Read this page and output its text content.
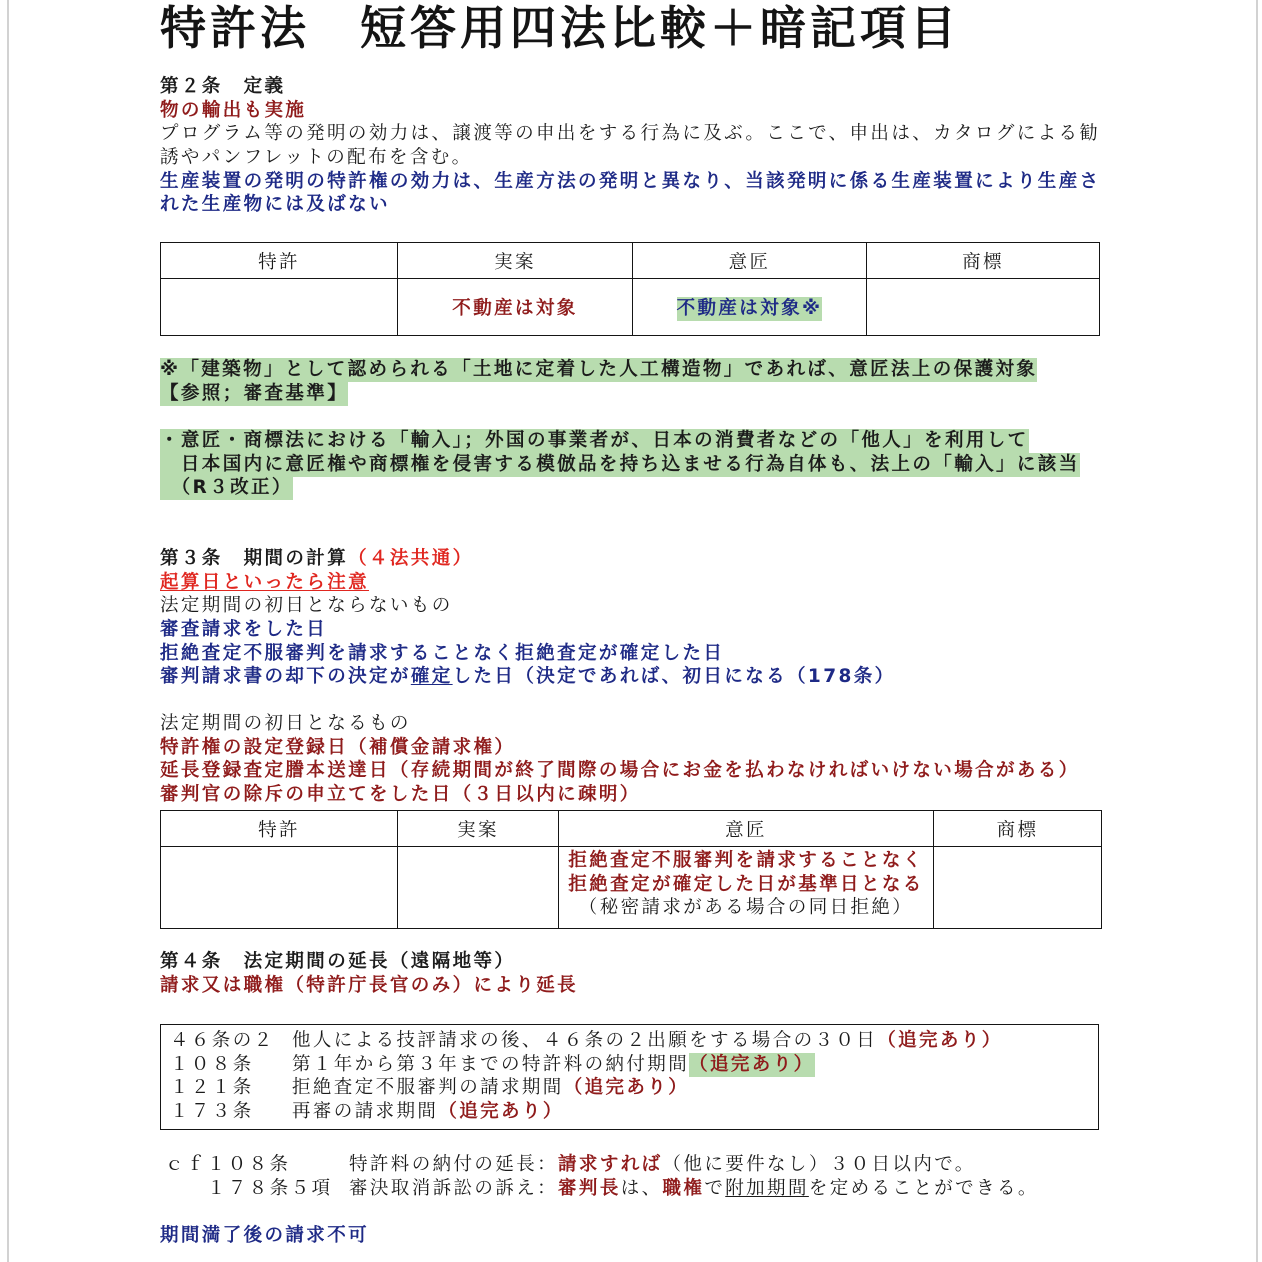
特許法　短答用四法比較＋暗記項目
第２条　定義
物の輸出も実施
プログラム等の発明の効力は、譲渡等の申出をする行為に及ぶ。ここで、申出は、カタログによる勧
誘やパンフレットの配布を含む。
生産装置の発明の特許権の効力は、生産方法の発明と異なり、当該発明に係る生産装置により生産さ
れた生産物には及ばない
特許	実案	意匠	商標
	不動産は対象	不動産は対象※	
※「建築物」として認められる「土地に定着した人工構造物」であれば、意匠法上の保護対象
【参照；審査基準】
・意匠・商標法における「輸入」；外国の事業者が、日本の消費者などの「他人」を利用して
　日本国内に意匠権や商標権を侵害する模倣品を持ち込ませる行為自体も、法上の「輸入」に該当
　（R３改正）
第３条　期間の計算（４法共通）
起算日といったら注意
法定期間の初日とならないもの
審査請求をした日
拒絶査定不服審判を請求することなく拒絶査定が確定した日
審判請求書の却下の決定が確定した日（決定であれば、初日になる（178条）
法定期間の初日となるもの
特許権の設定登録日（補償金請求権）
延長登録査定謄本送達日（存続期間が終了間際の場合にお金を払わなければいけない場合がある）
審判官の除斥の申立てをした日（３日以内に疎明）
特許	実案	意匠	商標

		拒絶査定不服審判を請求することなく
拒絶査定が確定した日が基準日となる
（秘密請求がある場合の同日拒絶）	

第４条　法定期間の延長（遠隔地等）
請求又は職権（特許庁長官のみ）により延長
４６条の２ 他人による技評請求の後、４６条の２出願をする場合の３０日（追完あり）
１０８条	第１年から第３年までの特許料の納付期間（追完あり）
１２１条	拒絶査定不服審判の請求期間（追完あり）
１７３条	再審の請求期間（追完あり）
ｃｆ１０８条	特許料の納付の延長：請求すれば（他に要件なし）３０日以内で。
１７８条５項 審決取消訴訟の訴え：審判長は、職権で附加期間を定めることができる。
期間満了後の請求不可
